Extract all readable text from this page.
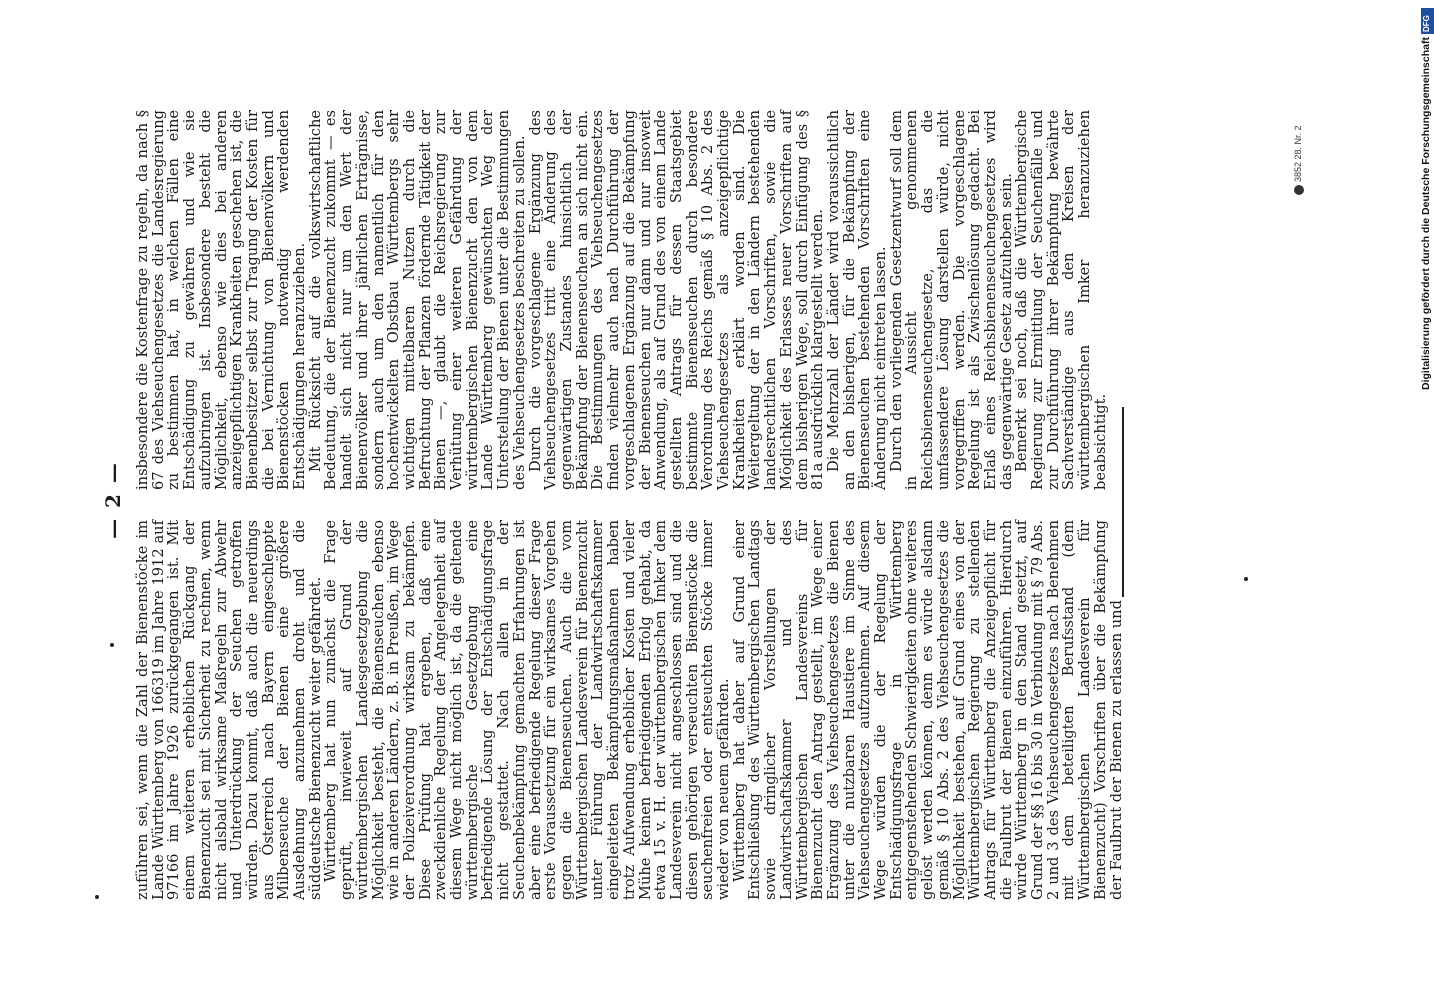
— 2 —

zuführen sei, wenn die Zahl der Bienenstöcke im Lande Württemberg von 166319 im Jahre 1912 auf 97166 im Jahre 1926 zurückgegangen ist. Mit einem weiteren erheblichen Rückgang der Bienenzucht sei mit Sicherheit zu rechnen, wenn nicht alsbald wirksame Maßregeln zur Abwehr und Unterdrückung der Seuchen getroffen würden. Dazu kommt, daß auch die neuerdings aus Österreich nach Bayern eingeschleppte Milbenseuche der Bienen eine größere Ausdehnung anzunehmen droht und die süddeutsche Bienenzucht weiter gefährdet.

Württemberg hat nun zunächst die Frage geprüft, inwieweit auf Grund der württembergischen Landesgesetzgebung die Möglichkeit besteht, die Bienenseuchen ebenso wie in anderen Ländern, z. B. in Preußen, im Wege der Polizeiverordnung wirksam zu bekämpfen. Diese Prüfung hat ergeben, daß eine zweckdienliche Regelung der Angelegenheit auf diesem Wege nicht möglich ist, da die geltende württembergische Gesetzgebung eine befriedigende Lösung der Entschädigungsfrage nicht gestattet. Nach allen in der Seuchenbekämpfung gemachten Erfahrungen ist aber eine befriedigende Regelung dieser Frage erste Voraussetzung für ein wirksames Vorgehen gegen die Bienenseuchen. Auch die vom Württembergischen Landesverein für Bienenzucht unter Führung der Landwirtschaftskammer eingeleiteten Bekämpfungsmaßnahmen haben trotz Aufwendung erheblicher Kosten und vieler Mühe keinen befriedigenden Erfolg gehabt, da etwa 15 v. H. der württembergischen Imker dem Landesverein nicht angeschlossen sind und die diesen gehörigen verseuchten Bienenstöcke die seuchenfreien oder entseuchten Stöcke immer wieder von neuem gefährden.

Württemberg hat daher auf Grund einer Entschließung des Württembergischen Landtags sowie dringlicher Vorstellungen der Landwirtschaftskammer und des Württembergischen Landesvereins für Bienenzucht den Antrag gestellt, im Wege einer Ergänzung des Viehseuchengesetzes die Bienen unter die nutzbaren Haustiere im Sinne des Viehseuchengesetzes aufzunehmen. Auf diesem Wege würden die der Regelung der Entschädigungsfrage in Württemberg entgegenstehenden Schwierigkeiten ohne weiteres gelöst werden können, denn es würde alsdann gemäß § 10 Abs. 2 des Viehseuchengesetzes die Möglichkeit bestehen, auf Grund eines von der Württembergischen Regierung zu stellenden Antrags für Württemberg die Anzeigepflicht für die Faulbrut der Bienen einzuführen. Hierdurch würde Württemberg in den Stand gesetzt, auf Grund der §§ 16 bis 30 in Verbindung mit § 79 Abs. 2 und 3 des Viehseuchengesetzes nach Benehmen mit dem beteiligten Berufsstand (dem Württembergischen Landesverein für Bienenzucht) Vorschriften über die Bekämpfung der Faulbrut der Bienen zu erlassen und

insbesondere die Kostenfrage zu regeln, da nach § 67 des Viehseuchengesetzes die Landesregierung zu bestimmen hat, in welchen Fällen eine Entschädigung zu gewähren und wie sie aufzubringen ist. Insbesondere besteht die Möglichkeit, ebenso wie dies bei anderen anzeigepflichtigen Krankheiten geschehen ist, die Bienenbesitzer selbst zur Tragung der Kosten für die bei Vernichtung von Bienenvölkern und Bienenstöcken notwendig werdenden Entschädigungen heranzuziehen.

Mit Rücksicht auf die volkswirtschaftliche Bedeutung, die der Bienenzucht zukommt — es handelt sich nicht nur um den Wert der Bienenvölker und ihrer jährlichen Erträgnisse, sondern auch um den namentlich für den hochentwickelten Obstbau Württembergs sehr wichtigen mittelbaren Nutzen durch die Befruchtung der Pflanzen fördernde Tätigkeit der Bienen —, glaubt die Reichsregierung zur Verhütung einer weiteren Gefährdung der württembergischen Bienenzucht den von dem Lande Württemberg gewünschten Weg der Unterstellung der Bienen unter die Bestimmungen des Viehseuchengesetzes beschreiten zu sollen.

Durch die vorgeschlagene Ergänzung des Viehseuchengesetzes tritt eine Änderung des gegenwärtigen Zustandes hinsichtlich der Bekämpfung der Bienenseuchen an sich nicht ein. Die Bestimmungen des Viehseuchengesetzes finden vielmehr auch nach Durchführung der vorgeschlagenen Ergänzung auf die Bekämpfung der Bienenseuchen nur dann und nur insoweit Anwendung, als auf Grund des von einem Lande gestellten Antrags für dessen Staatsgebiet bestimmte Bienenseuchen durch besondere Verordnung des Reichs gemäß § 10 Abs. 2 des Viehseuchengesetzes als anzeigepflichtige Krankheiten erklärt worden sind. Die Weitergeltung der in den Ländern bestehenden landesrechtlichen Vorschriften, sowie die Möglichkeit des Erlasses neuer Vorschriften auf dem bisherigen Wege, soll durch Einfügung des § 81a ausdrücklich klargestellt werden.

Die Mehrzahl der Länder wird voraussichtlich an den bisherigen, für die Bekämpfung der Bienenseuchen bestehenden Vorschriften eine Änderung nicht eintreten lassen.

Durch den vorliegenden Gesetzentwurf soll dem in Aussicht genommenen Reichsbienenseuchengesetze, das die umfassendere Lösung darstellen würde, nicht vorgegriffen werden. Die vorgeschlagene Regelung ist als Zwischenlösung gedacht. Bei Erlaß eines Reichsbienenseuchengesetzes wird das gegenwärtige Gesetz aufzuheben sein.

Bemerkt sei noch, daß die Württembergische Regierung zur Ermittlung der Seuchenfälle und zur Durchführung ihrer Bekämpfung bewährte Sachverständige aus den Kreisen der württembergischen Imker heranzuziehen beabsichtigt.

3852 28. Nr. 2
DFG
Digitalisierung gefördert durch die Deutsche Forschungsgemeinschaft
